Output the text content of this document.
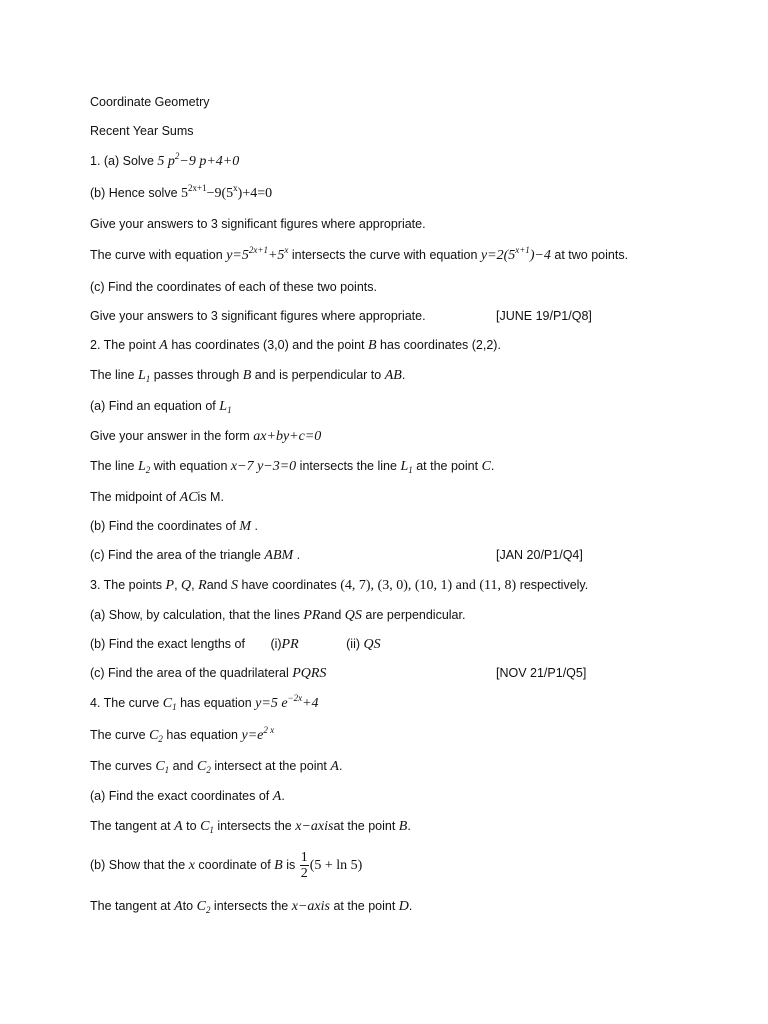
Coordinate Geometry
Recent Year Sums
1. (a) Solve 5 $p^2-9$ p+4+0
(b) Hence solve $5^{2x+1}-9(5^x)+4=0$
Give your answers to 3 significant figures where appropriate.
The curve with equation $y=5^{2x+1}+5^x$ intersects the curve with equation $y=2(5^{x+1})-4$ at two points.
(c) Find the coordinates of each of these two points.
Give your answers to 3 significant figures where appropriate.	[JUNE 19/P1/Q8]
2. The point A has coordinates (3,0) and the point B has coordinates (2,2).
The line $L_1$ passes through B and is perpendicular to AB.
(a) Find an equation of $L_1$
Give your answer in the form ax+by+c=0
The line $L_2$ with equation x−7 y−3=0 intersects the line $L_1$ at the point C.
The midpoint of ACis M.
(b) Find the coordinates of M .
(c) Find the area of the triangle ABM .	[JAN 20/P1/Q4]
3. The points P, Q, Rand S have coordinates (4, 7), (3, 0), (10, 1) and (11, 8) respectively.
(a) Show, by calculation, that the lines PRand QS are perpendicular.
(b) Find the exact lengths of (i)PR	(ii) QS
(c) Find the area of the quadrilateral PQRS	[NOV 21/P1/Q5]
4. The curve $C_1$ has equation y=5 $e^{-2x}+4$
The curve $C_2$ has equation $y=e^{2 x}$
The curves $C_1$ and $C_2$ intersect at the point A.
(a) Find the exact coordinates of A.
The tangent at A to $C_1$ intersects the x−axisat the point B.
(b) Show that the x coordinate of B is $\frac{1}{2} (5 + \ln 5)$
The tangent at Ato $C_2$ intersects the x−axis at the point D.
